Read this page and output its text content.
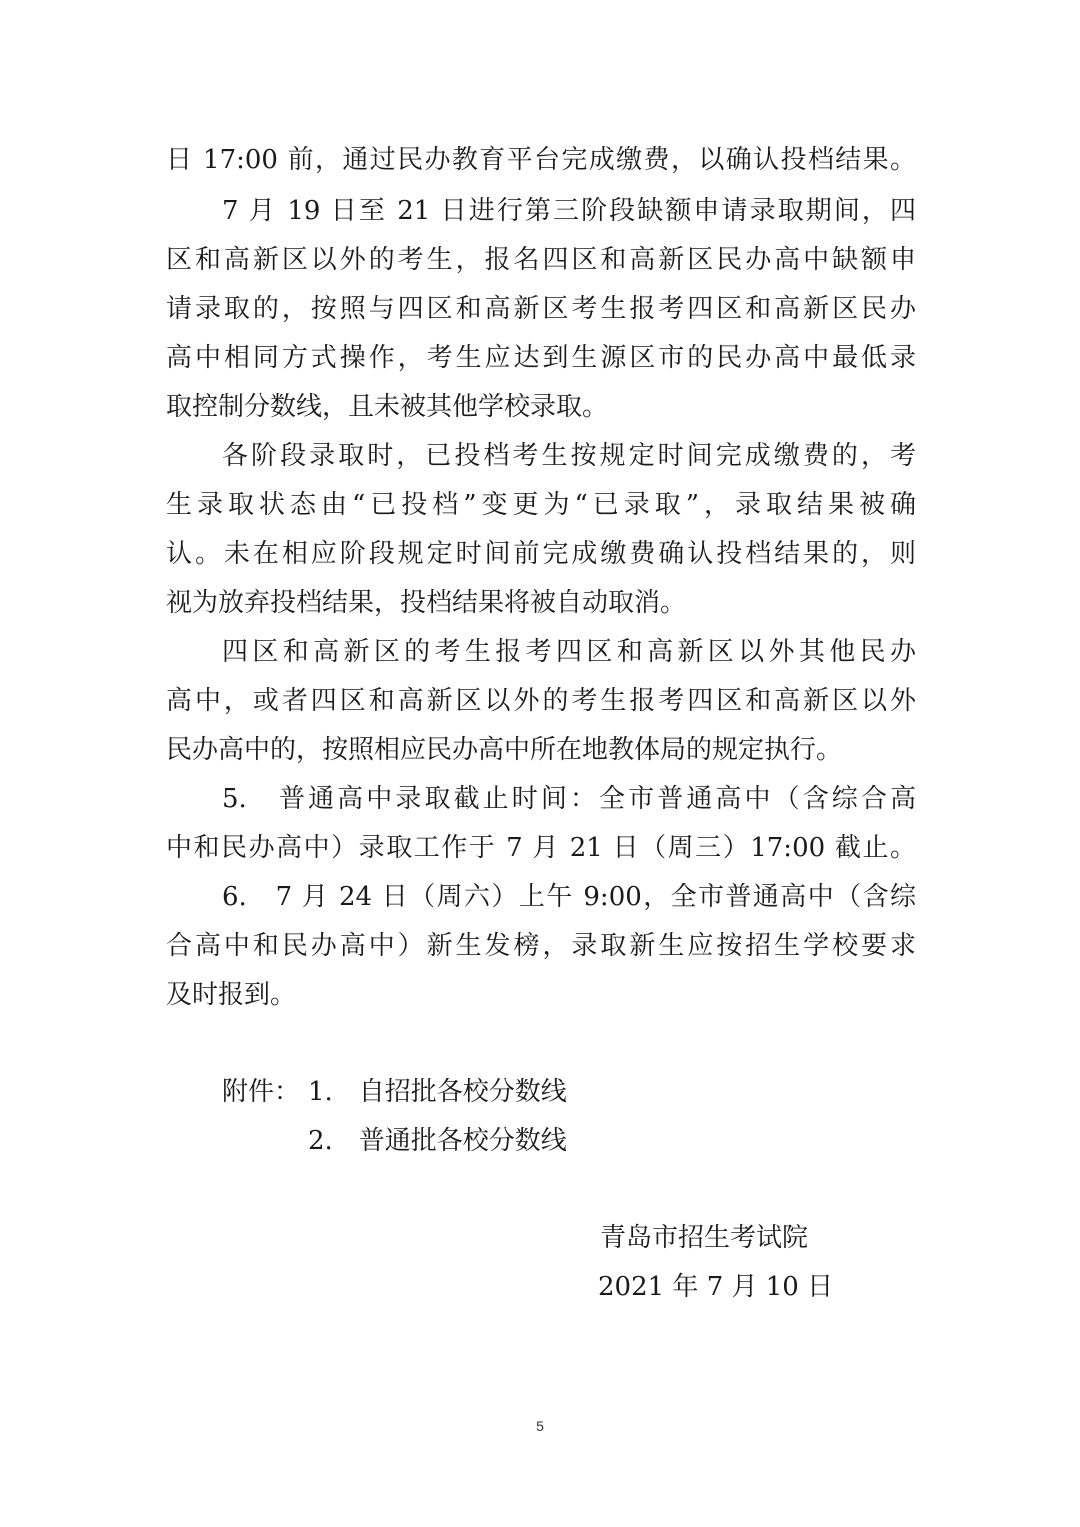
日 17:00 前，通过民办教育平台完成缴费，以确认投档结果。
7 月 19 日至 21 日进行第三阶段缺额申请录取期间，四
区和高新区以外的考生，报名四区和高新区民办高中缺额申
请录取的，按照与四区和高新区考生报考四区和高新区民办
高中相同方式操作，考生应达到生源区市的民办高中最低录
取控制分数线，且未被其他学校录取。
各阶段录取时，已投档考生按规定时间完成缴费的，考
生录取状态由“已投档”变更为“已录取”，录取结果被确
认。未在相应阶段规定时间前完成缴费确认投档结果的，则
视为放弃投档结果，投档结果将被自动取消。
四区和高新区的考生报考四区和高新区以外其他民办
高中，或者四区和高新区以外的考生报考四区和高新区以外
民办高中的，按照相应民办高中所在地教体局的规定执行。
5.　普通高中录取截止时间：全市普通高中（含综合高
中和民办高中）录取工作于 7 月 21 日（周三）17:00 截止。
6.　7 月 24 日（周六）上午 9:00，全市普通高中（含综
合高中和民办高中）新生发榜，录取新生应按招生学校要求
及时报到。
附件： 1.　自招批各校分数线
2.　普通批各校分数线
青岛市招生考试院
2021 年 7 月 10 日
5
